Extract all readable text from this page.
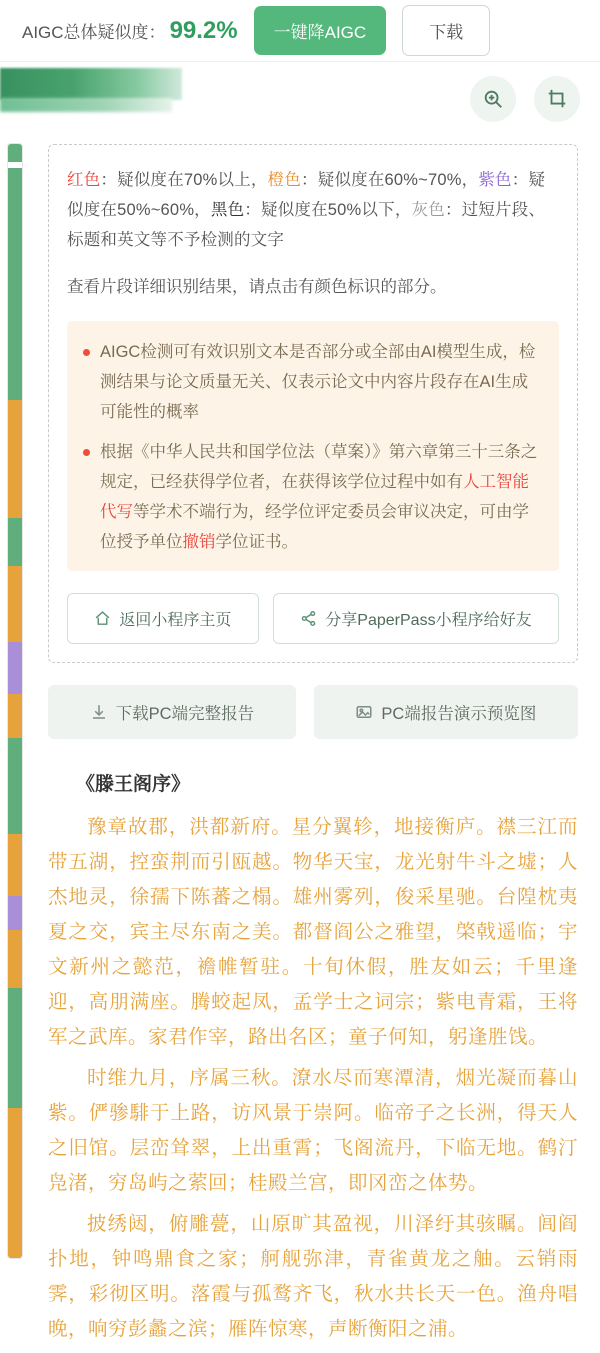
AIGC总体疑似度： 99.2%	一键降AIGC	下载
红色：疑似度在70%以上，橙色：疑似度在60%~70%，紫色：疑似度在50%~60%，黑色：疑似度在50%以下，灰色：过短片段、标题和英文等不予检测的文字
查看片段详细识别结果，请点击有颜色标识的部分。
AIGC检测可有效识别文本是否部分或全部由AI模型生成，检测结果与论文质量无关、仅表示论文中内容片段存在AI生成可能性的概率
根据《中华人民共和国学位法（草案）》第六章第三十三条之规定，已经获得学位者，在获得该学位过程中如有人工智能代写等学术不端行为，经学位评定委员会审议决定，可由学位授予单位撤销学位证书。
返回小程序主页	分享PaperPass小程序给好友
下载PC端完整报告	PC端报告演示预览图
《滕王阁序》

豫章故郡，洪都新府。星分翼轸，地接衡庐。襟三江而带五湖，控蛮荆而引瓯越。物华天宝，龙光射牛斗之墟；人杰地灵，徐孺下陈蕃之榻。雄州雾列，俊采星驰。台隍枕夷夏之交，宾主尽东南之美。都督阎公之雅望，棨戟遥临；宇文新州之懿范，襜帷暂驻。十旬休假，胜友如云；千里逢迎，高朋满座。腾蛟起凤，孟学士之词宗；紫电青霜，王将军之武库。家君作宰，路出名区；童子何知，躬逢胜饯。

时维九月，序属三秋。潦水尽而寒潭清，烟光凝而暮山紫。俨骖騑于上路，访风景于崇阿。临帝子之长洲，得天人之旧馆。层峦耸翠，上出重霄；飞阁流丹，下临无地。鹤汀凫渚，穷岛屿之萦回；桂殿兰宫，即冈峦之体势。

披绣闼，俯雕甍，山原旷其盈视，川泽纡其骇瞩。闾阎扑地，钟鸣鼎食之家；舸舰弥津，青雀黄龙之舳。云销雨霁，彩彻区明。落霞与孤鹜齐飞，秋水共长天一色。渔舟唱晚，响穷彭蠡之滨；雁阵惊寒，声断衡阳之浦。
